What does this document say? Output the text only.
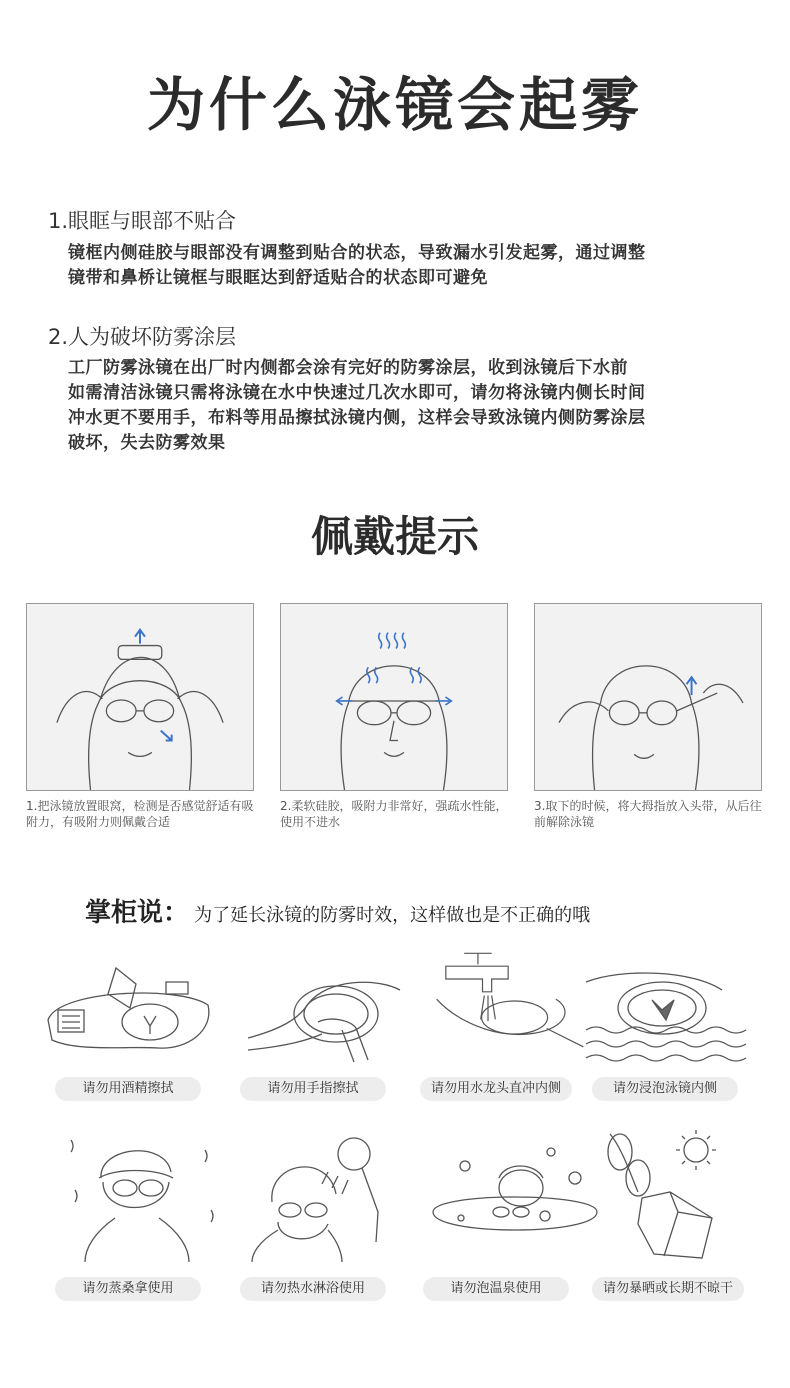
为什么泳镜会起雾
1.眼眶与眼部不贴合
镜框内侧硅胶与眼部没有调整到贴合的状态，导致漏水引发起雾，通过调整
镜带和鼻桥让镜框与眼眶达到舒适贴合的状态即可避免
2.人为破坏防雾涂层
工厂防雾泳镜在出厂时内侧都会涂有完好的防雾涂层，收到泳镜后下水前
如需清洁泳镜只需将泳镜在水中快速过几次水即可，请勿将泳镜内侧长时间
冲水更不要用手，布料等用品擦拭泳镜内侧，这样会导致泳镜内侧防雾涂层
破坏，失去防雾效果
佩戴提示

1.把泳镜放置眼窝，检测是否感觉舒适有吸附力，有吸附力则佩戴合适

2.柔软硅胶，吸附力非常好，强疏水性能，使用不进水

3.取下的时候，将大拇指放入头带，从后往前解除泳镜

掌柜说： 为了延长泳镜的防雾时效，这样做也是不正确的哦
请勿用酒精擦拭	请勿用手指擦拭	请勿用水龙头直冲内侧	请勿浸泡泳镜内侧
请勿蒸桑拿使用	请勿热水淋浴使用	请勿泡温泉使用	请勿暴晒或长期不晾干
